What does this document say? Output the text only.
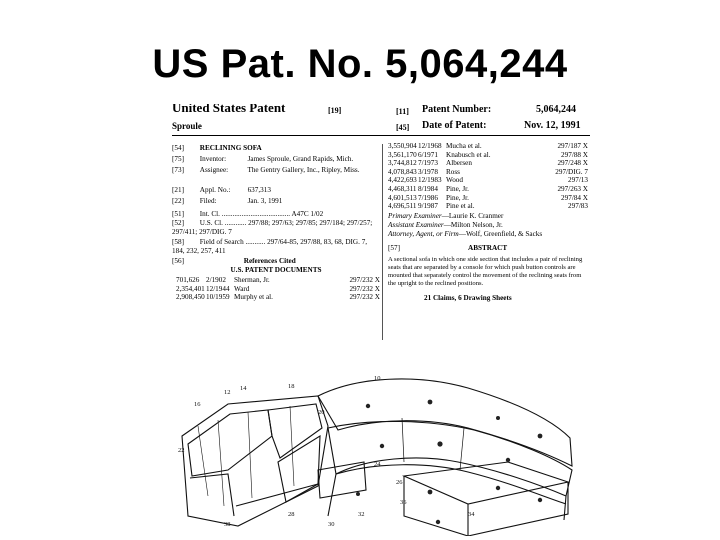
US Pat. No. 5,064,244
United States Patent	[19]
Sproule
[11] Patent Number:	5,064,244
[45] Date of Patent:	Nov. 12, 1991
[54] RECLINING SOFA
[75] Inventor:	James Sproule, Grand Rapids, Mich.
[73] Assignee:	The Gentry Gallery, Inc., Ripley, Miss.
[21] Appl. No.: 637,313
[22] Filed:	Jan. 3, 1991
[51] Int. Cl. ...................................... A47C 1/02
[52] U.S. Cl. ............ 297/88; 297/63; 297/85; 297/184; 297/257; 297/411; 297/DIG. 7
[58] Field of Search ........... 297/64-85, 297/88, 83, 68, DIG. 7, 184, 232, 257, 411
[56]	References Cited
U.S. PATENT DOCUMENTS
701,626 2/1902	Sherman, Jr.	297/232 X
2,354,401 12/1944 Ward	297/232 X
2,908,450 10/1959 Murphy et al.	297/232 X
3,550,904 12/1968 Mucha et al.	297/187 X
3,561,170 6/1971	Knabusch et al.	297/88 X
3,744,812 7/1973	Albersen	297/248 X
4,078,843 3/1978	Ross	297/DIG. 7
4,422,693 12/1983 Wood	297/13
4,468,311 8/1984	Pine, Jr.	297/263 X
4,601,513 7/1986	Pine, Jr.	297/84 X
4,696,511 9/1987	Pine et al.	297/83
Primary Examiner—Laurie K. Cranmer
Assistant Examiner—Milton Nelson, Jr.
Attorney, Agent, or Firm—Wolf, Greenfield, & Sacks
[57]	ABSTRACT
A sectional sofa in which one side section that includes a pair of reclining seats that are separated by a console for which push button controls are mounted that separately control the movement of the reclining seats from the upright to the reclined positions.
21 Claims, 6 Drawing Sheets
10
12
14
16
18
20
22
24
26
28
30
32	34
36
38
